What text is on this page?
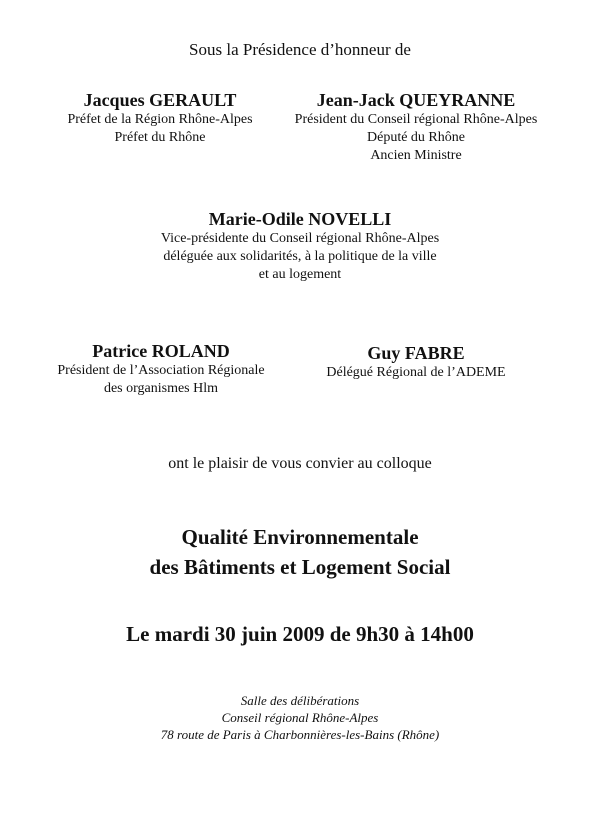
Sous la Présidence d’honneur de
Jacques GERAULT
Préfet de la Région Rhône-Alpes
Préfet du Rhône
Jean-Jack QUEYRANNE
Président du Conseil régional Rhône-Alpes
Député du Rhône
Ancien Ministre
Marie-Odile NOVELLI
Vice-présidente du Conseil régional Rhône-Alpes
déléguée aux solidarités, à la politique de la ville
et au logement
Patrice ROLAND
Président de l’Association Régionale
des organismes Hlm
Guy FABRE
Délégué Régional de l’ADEME
ont le plaisir de vous convier au colloque
Qualité Environnementale
des Bâtiments et Logement Social
Le mardi 30 juin 2009 de 9h30 à 14h00
Salle des délibérations
Conseil régional Rhône-Alpes
78 route de Paris à Charbonnières-les-Bains (Rhône)
